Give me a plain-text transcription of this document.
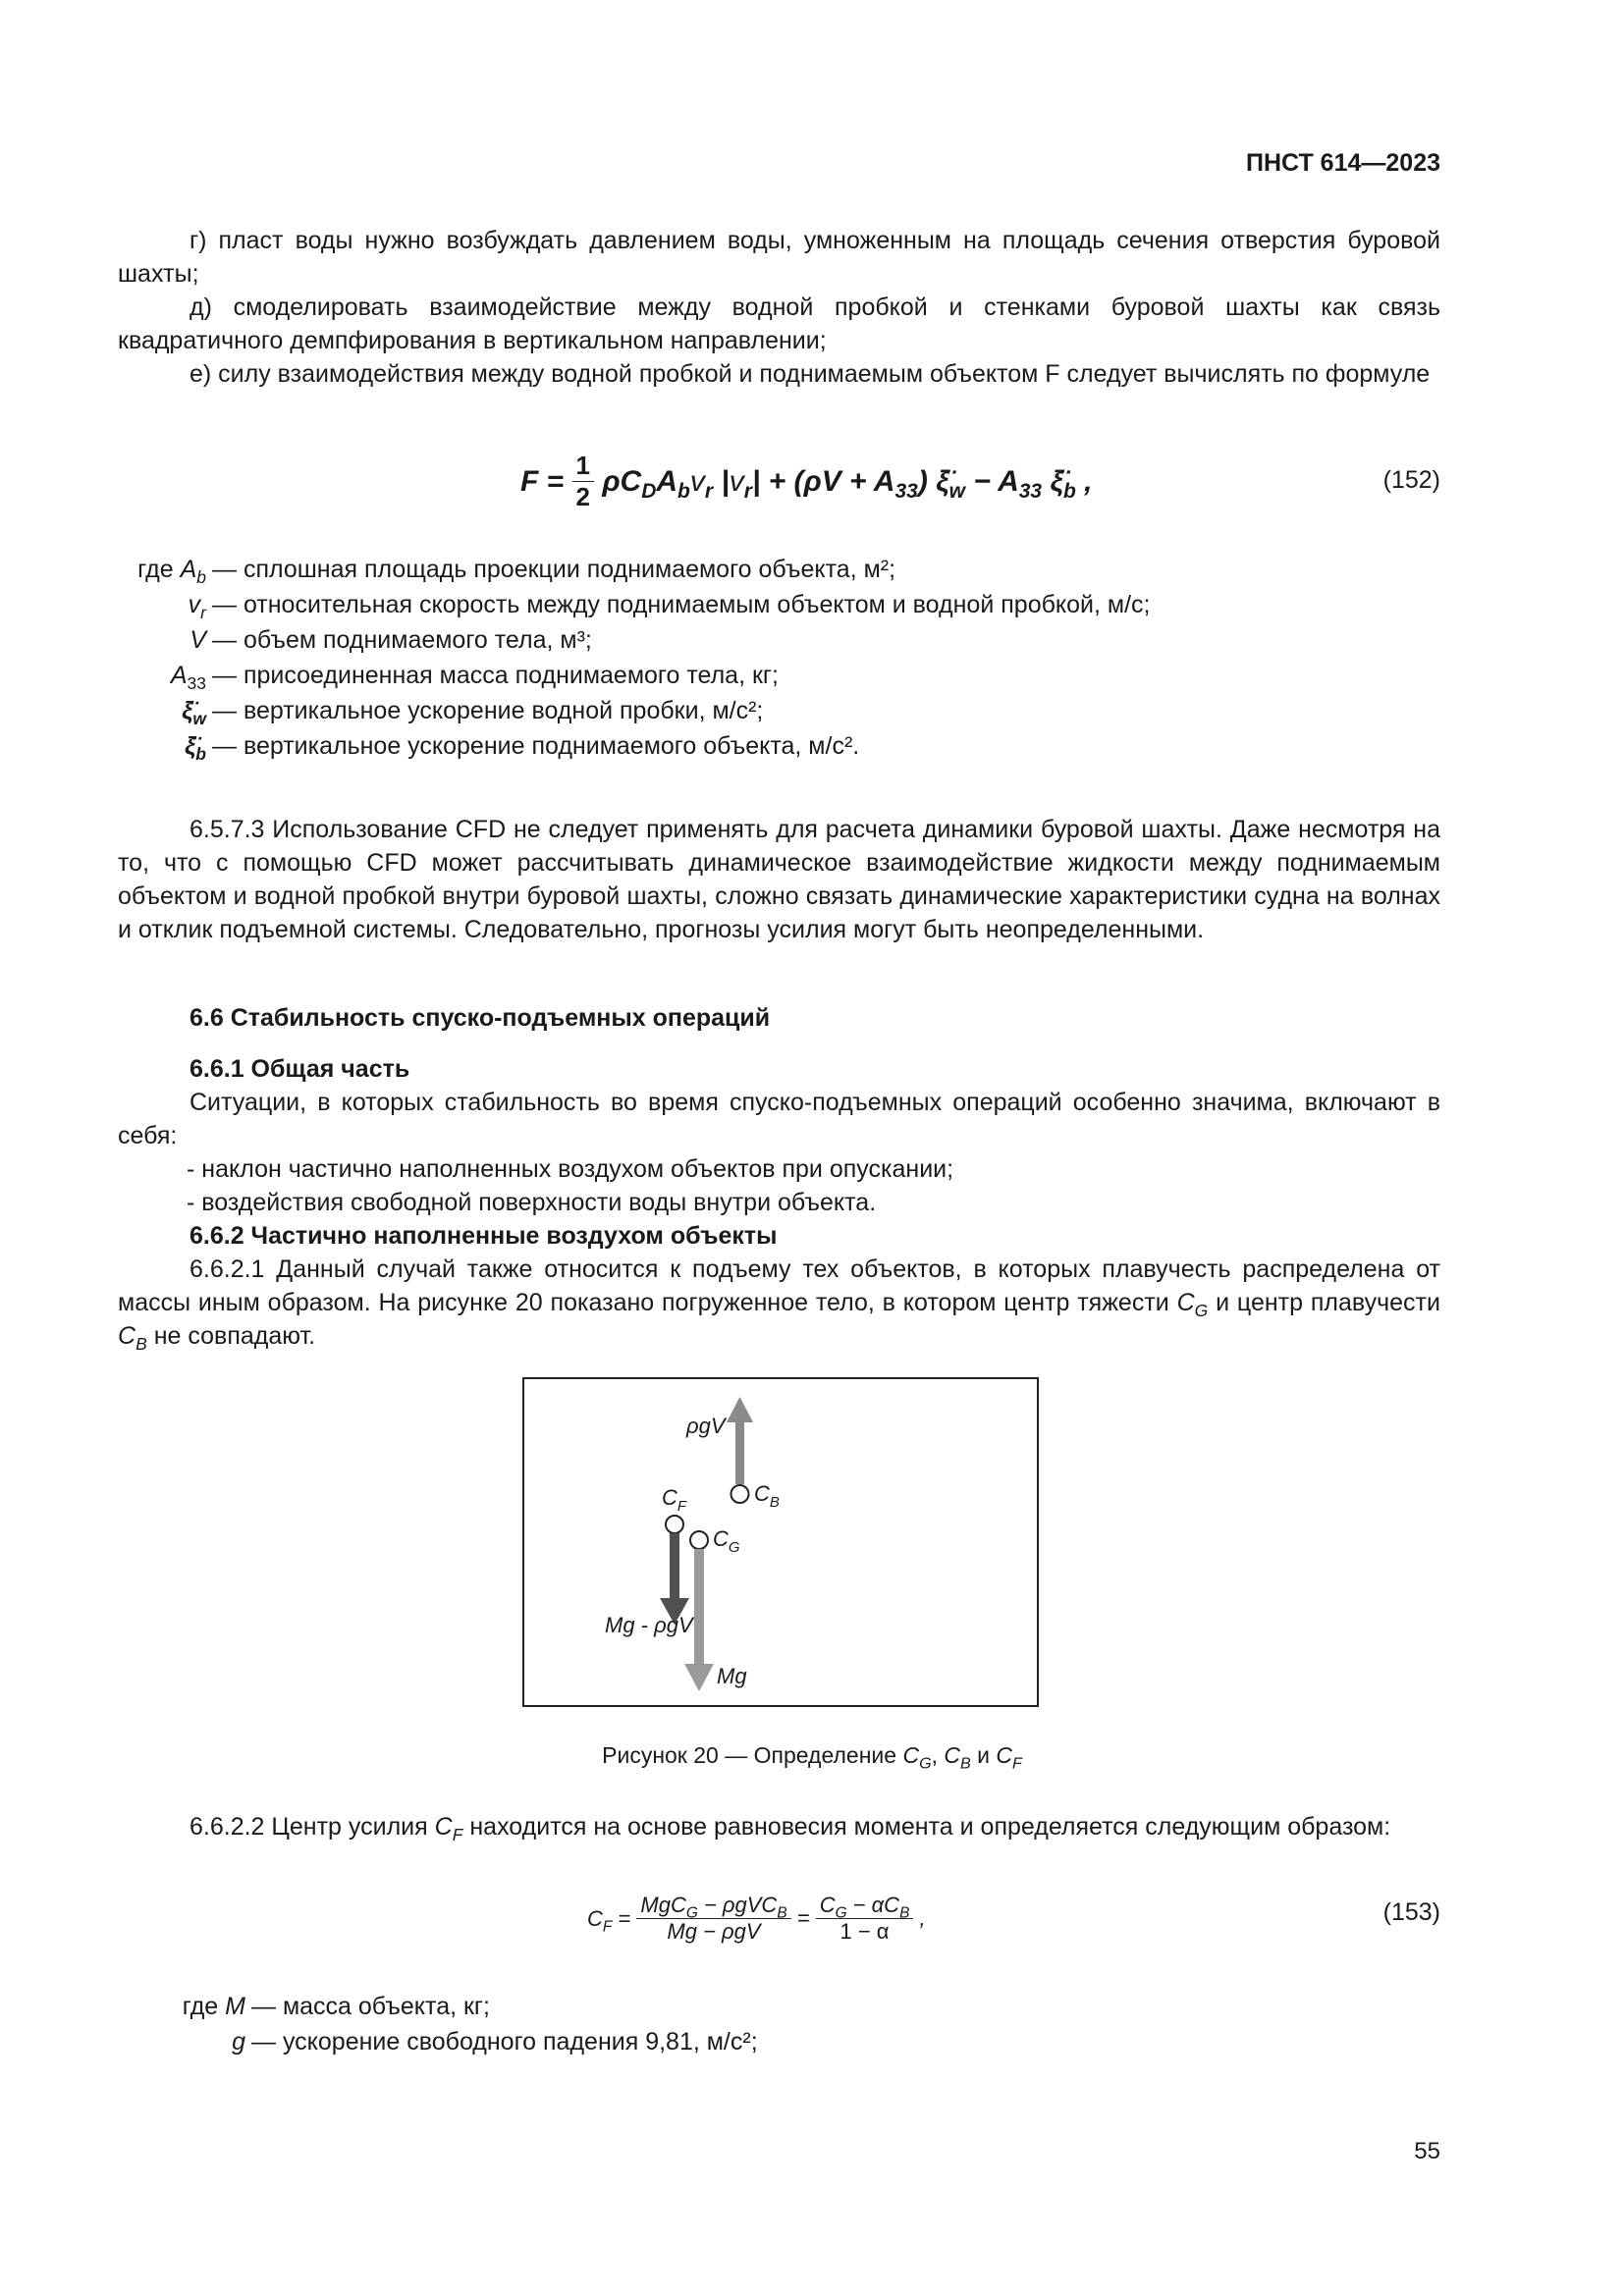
ПНСТ 614—2023
г) пласт воды нужно возбуждать давлением воды, умноженным на площадь сечения отверстия буровой шахты;
д) смоделировать взаимодействие между водной пробкой и стенками буровой шахты как связь квадратичного демпфирования в вертикальном направлении;
е) силу взаимодействия между водной пробкой и поднимаемым объектом F следует вычислять по формуле
$F = \frac{1}{2} \rho C_DA_bv_r$ $|v_r| + (\rho V + A_{33})$ $\xï_w - A_{33}$ $\xï_b$ ,	(152)
где $A_b$ — сплошная площадь проекции поднимаемого объекта, м²;
$v_r$ — относительная скорость между поднимаемым объектом и водной пробкой, м/с;
V — объем поднимаемого тела, м³;
$A_{33}$ — присоединенная масса поднимаемого тела, кг;
$\xï_w$ — вертикальное ускорение водной пробки, м/с²;
$\xï_b$ — вертикальное ускорение поднимаемого объекта, м/с².
6.5.7.3 Использование CFD не следует применять для расчета динамики буровой шахты. Даже несмотря на то, что с помощью CFD может рассчитывать динамическое взаимодействие жидкости между поднимаемым объектом и водной пробкой внутри буровой шахты, сложно связать динамические характеристики судна на волнах и отклик подъемной системы. Следовательно, прогнозы усилия могут быть неопределенными.
6.6 Стабильность спуско-подъемных операций
6.6.1 Общая часть
Ситуации, в которых стабильность во время спуско-подъемных операций особенно значима, включают в себя:
- наклон частично наполненных воздухом объектов при опускании;
- воздействия свободной поверхности воды внутри объекта.
6.6.2 Частично наполненные воздухом объекты
6.6.2.1 Данный случай также относится к подъему тех объектов, в которых плавучесть распределена от массы иным образом. На рисунке 20 показано погруженное тело, в котором центр тяжести $C_G$ и центр плавучести $C_B$ не совпадают.
ρgV
$C_F$
$C_B$
$C_G$
Mg - ρgV
Mg
Рисунок 20 — Определение $C_G$, $C_B$ и $C_F$
6.6.2.2 Центр усилия $C_F$ находится на основе равновесия момента и определяется следующим образом:
$C_F = \frac{MgC_G - \rho gVC_B}{\text{Mg − ρgV}} = \frac{C_G - \alpha C_B}{1 - \alpha}$ ,	(153)
где M — масса объекта, кг;
g — ускорение свободного падения 9,81, м/с²;
55
